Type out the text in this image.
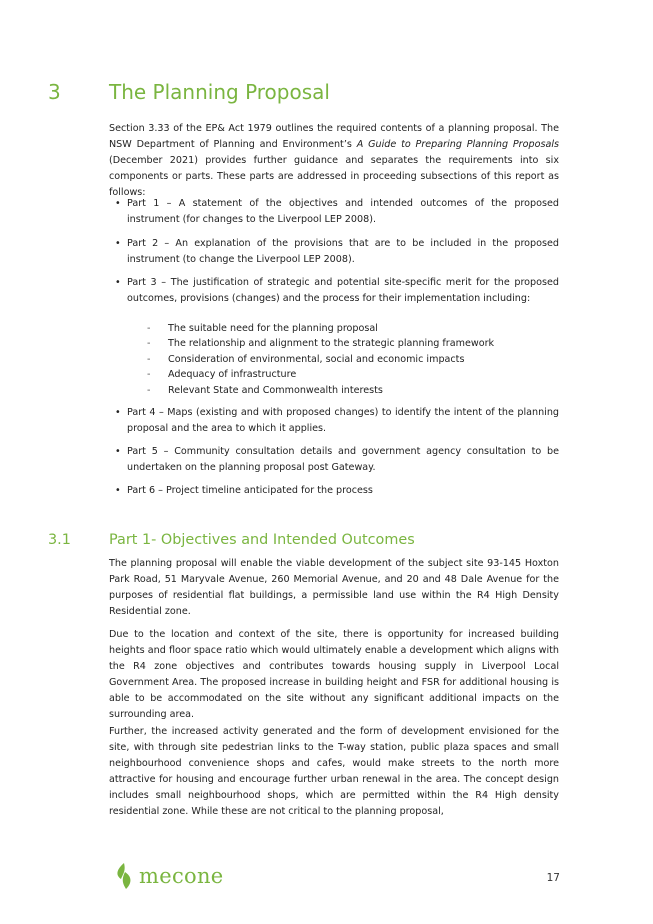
3 The Planning Proposal

Section 3.33 of the EP& Act 1979 outlines the required contents of a planning proposal. The NSW Department of Planning and Environment’s A Guide to Preparing Planning Proposals (December 2021) provides further guidance and separates the requirements into six components or parts. These parts are addressed in proceeding subsections of this report as follows:

• Part 1 – A statement of the objectives and intended outcomes of the proposed instrument (for changes to the Liverpool LEP 2008).
• Part 2 – An explanation of the provisions that are to be included in the proposed instrument (to change the Liverpool LEP 2008).
• Part 3 – The justification of strategic and potential site-specific merit for the proposed outcomes, provisions (changes) and the process for their implementation including:
- The suitable need for the planning proposal
- The relationship and alignment to the strategic planning framework
- Consideration of environmental, social and economic impacts
- Adequacy of infrastructure
- Relevant State and Commonwealth interests
• Part 4 – Maps (existing and with proposed changes) to identify the intent of the planning proposal and the area to which it applies.
• Part 5 – Community consultation details and government agency consultation to be undertaken on the planning proposal post Gateway.
• Part 6 – Project timeline anticipated for the process
3.1	Part 1- Objectives and Intended Outcomes

The planning proposal will enable the viable development of the subject site 93-145 Hoxton Park Road, 51 Maryvale Avenue, 260 Memorial Avenue, and 20 and 48 Dale Avenue for the purposes of residential flat buildings, a permissible land use within the R4 High Density Residential zone.

Due to the location and context of the site, there is opportunity for increased building heights and floor space ratio which would ultimately enable a development which aligns with the R4 zone objectives and contributes towards housing supply in Liverpool Local Government Area. The proposed increase in building height and FSR for additional housing is able to be accommodated on the site without any significant additional impacts on the surrounding area.

Further, the increased activity generated and the form of development envisioned for the site, with through site pedestrian links to the T-way station, public plaza spaces and small neighbourhood convenience shops and cafes, would make streets to the north more attractive for housing and encourage further urban renewal in the area. The concept design includes small neighbourhood shops, which are permitted within the R4 High density residential zone. While these are not critical to the planning proposal,

mecone	17
